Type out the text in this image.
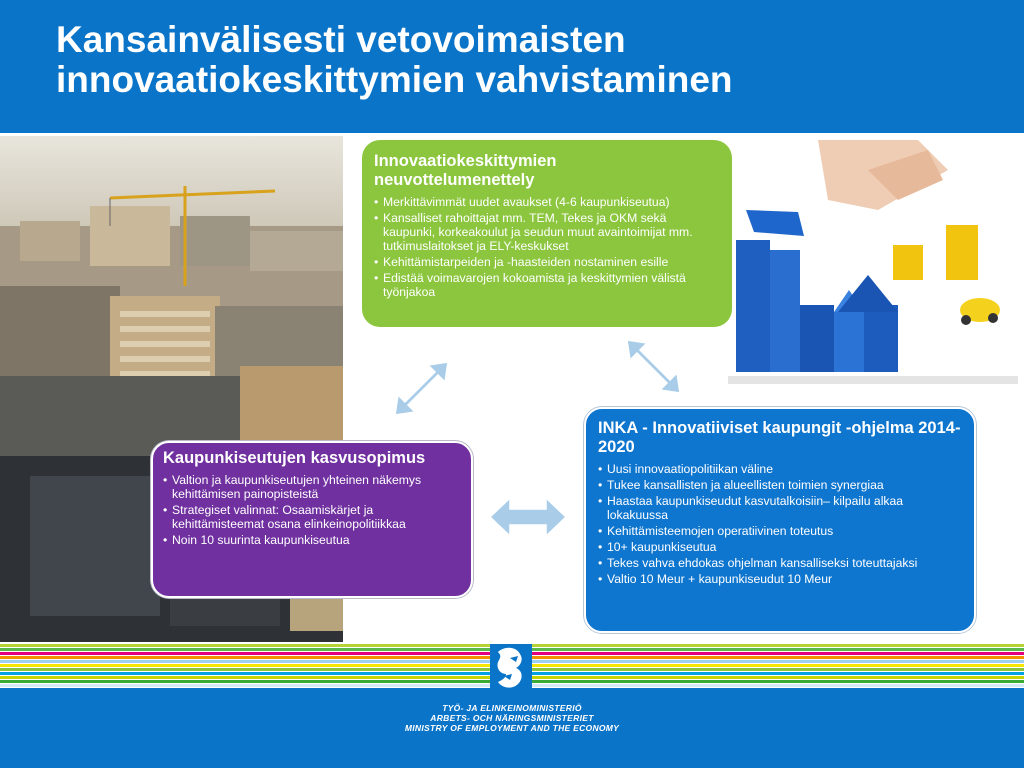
Kansainvälisesti vetovoimaisten
innovaatiokeskittymien vahvistaminen

Innovaatiokeskittymien neuvottelumenettely

• Merkittävimmät uudet avaukset (4-6 kaupunkiseutua)
• Kansalliset rahoittajat mm. TEM, Tekes ja OKM sekä kaupunki, korkeakoulut ja seudun muut avaintoimijat mm. tutkimuslaitokset ja ELY-keskukset
• Kehittämistarpeiden ja -haasteiden nostaminen esille
• Edistää voimavarojen kokoamista ja keskittymien välistä työnjakoa

INKA - Innovatiiviset kaupungit -ohjelma 2014-2020

• Uusi innovaatiopolitiikan väline
• Tukee kansallisten ja alueellisten toimien synergiaa
• Haastaa kaupunkiseudut kasvutalkoisiin– kilpailu alkaa lokakuussa
• Kehittämisteemojen operatiivinen toteutus
• 10+ kaupunkiseutua
• Tekes vahva ehdokas ohjelman kansalliseksi toteuttajaksi
• Valtio 10 Meur + kaupunkiseudut 10 Meur

Kaupunkiseutujen kasvusopimus

• Valtion ja kaupunkiseutujen yhteinen näkemys kehittämisen painopisteistä
• Strategiset valinnat: Osaamiskärjet ja kehittämisteemat osana elinkeinopolitiikkaa
• Noin 10 suurinta kaupunkiseutua
TYÖ- JA ELINKEINOMINISTERIÖ
ARBETS- OCH NÄRINGSMINISTERIET
MINISTRY OF EMPLOYMENT AND THE ECONOMY
